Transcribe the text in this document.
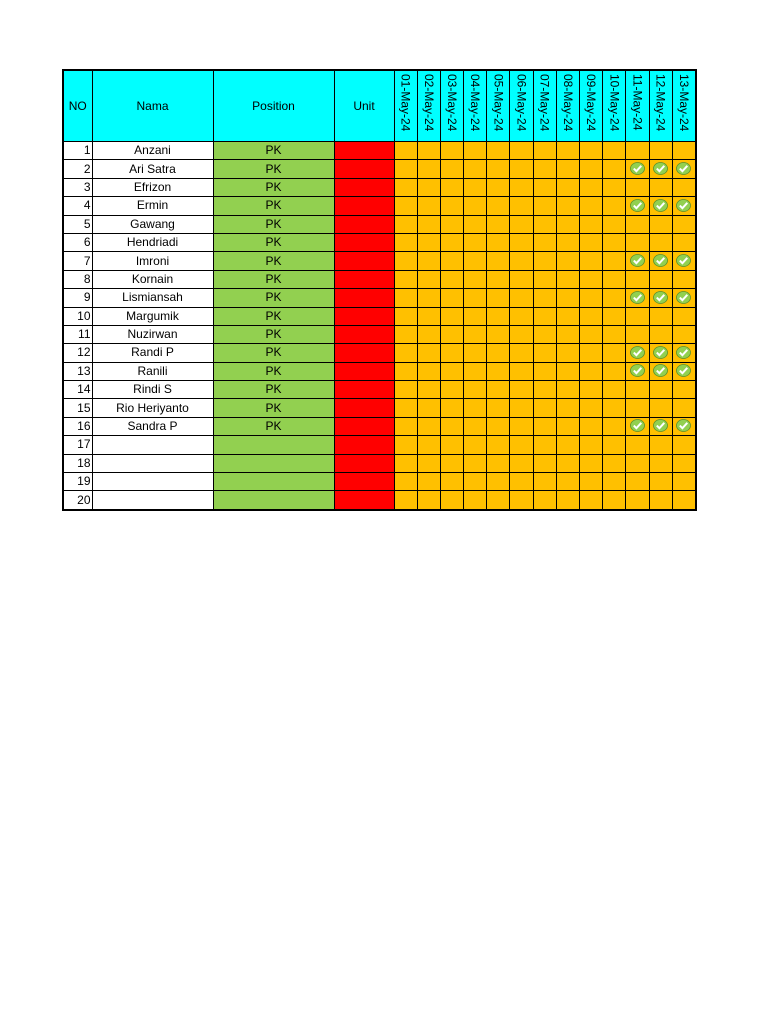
NO	Nama	Position	Unit	01-May-24	02-May-24	03-May-24	04-May-24	05-May-24	06-May-24	07-May-24	08-May-24	09-May-24	10-May-24	11-May-24	12-May-24	13-May-24

1	Anzani	PK														
2	Ari Satra	PK														
3	Efrizon	PK														
4	Ermin	PK														
5	Gawang	PK														
6	Hendriadi	PK														
7	Imroni	PK														
8	Kornain	PK														
9	Lismiansah	PK														
10	Margumik	PK														
11	Nuzirwan	PK														
12	Randi P	PK														
13	Ranili	PK														
14	Rindi S	PK														
15	Rio Heriyanto	PK														
16	Sandra P	PK														
17																
18																
19																
20																
